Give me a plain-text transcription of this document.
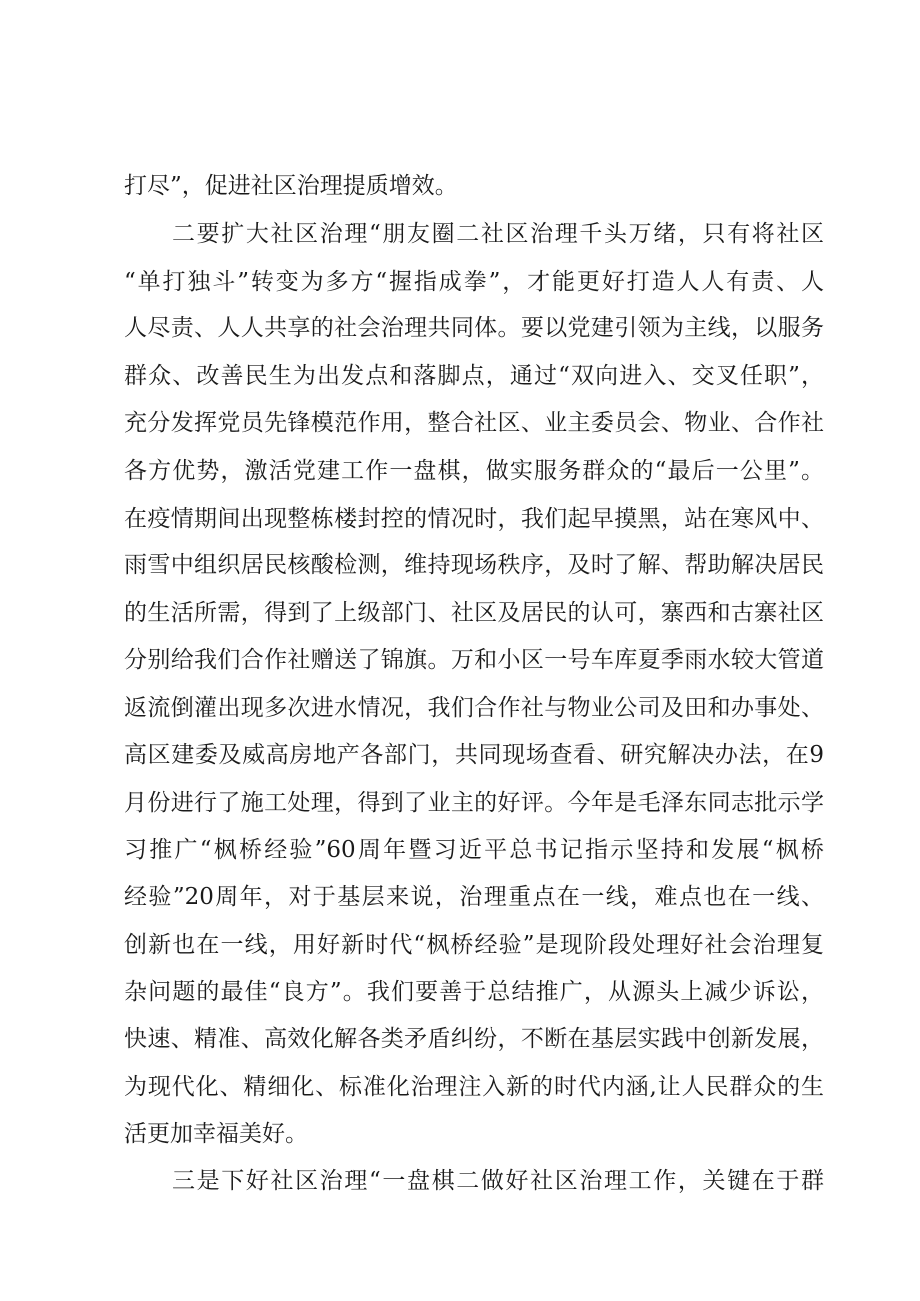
打尽”，促进社区治理提质增效。
二要扩大社区治理“朋友圈二社区治理千头万绪，只有将社区
“单打独斗”转变为多方“握指成拳”，才能更好打造人人有责、人
人尽责、人人共享的社会治理共同体。要以党建引领为主线，以服务
群众、改善民生为出发点和落脚点，通过“双向进入、交叉任职”，
充分发挥党员先锋模范作用，整合社区、业主委员会、物业、合作社
各方优势，激活党建工作一盘棋，做实服务群众的“最后一公里”。
在疫情期间出现整栋楼封控的情况时，我们起早摸黑，站在寒风中、
雨雪中组织居民核酸检测，维持现场秩序，及时了解、帮助解决居民
的生活所需，得到了上级部门、社区及居民的认可，寨西和古寨社区
分别给我们合作社赠送了锦旗。万和小区一号车库夏季雨水较大管道
返流倒灌出现多次进水情况，我们合作社与物业公司及田和办事处、
高区建委及威高房地产各部门，共同现场查看、研究解决办法，在9
月份进行了施工处理，得到了业主的好评。今年是毛泽东同志批示学
习推广“枫桥经验”60周年暨习近平总书记指示坚持和发展“枫桥
经验”20周年，对于基层来说，治理重点在一线，难点也在一线、
创新也在一线，用好新时代“枫桥经验”是现阶段处理好社会治理复
杂问题的最佳“良方”。我们要善于总结推广，从源头上减少诉讼，
快速、精准、高效化解各类矛盾纠纷，不断在基层实践中创新发展，
为现代化、精细化、标准化治理注入新的时代内涵,让人民群众的生
活更加幸福美好。
三是下好社区治理“一盘棋二做好社区治理工作，关键在于群
